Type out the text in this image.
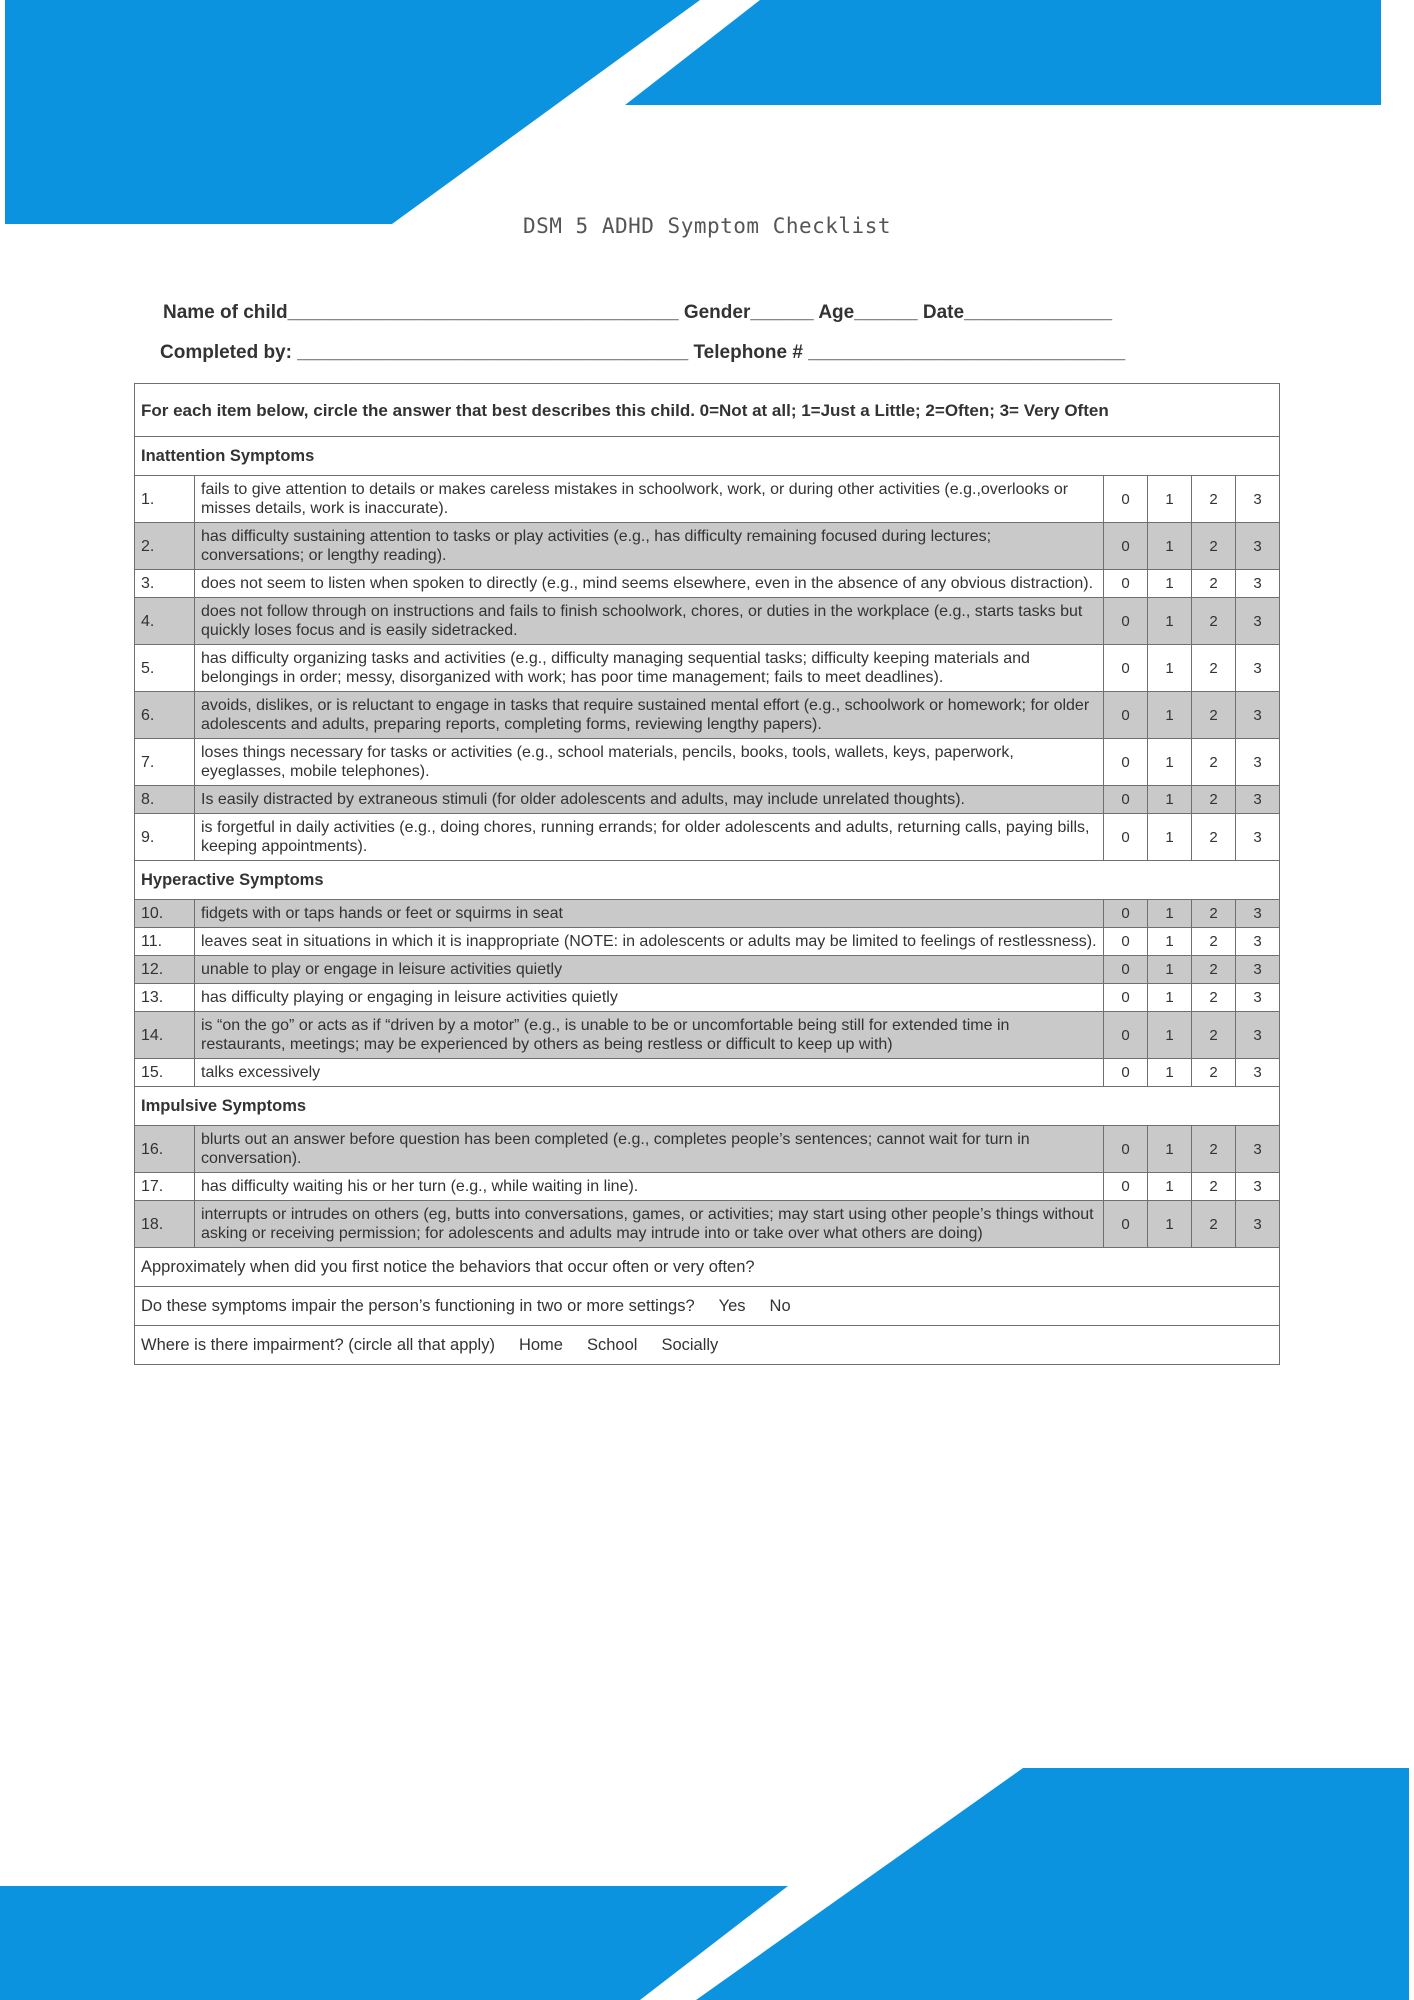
DSM 5 ADHD Symptom Checklist
Name of child_____________________________________ Gender______ Age______ Date______________
Completed by: _____________________________________ Telephone # ______________________________
For each item below, circle the answer that best describes this child. 0=Not at all; 1=Just a Little; 2=Often; 3= Very Often					
Inattention Symptoms					
1.	fails to give attention to details or makes careless mistakes in schoolwork, work, or during other activities (e.g.,overlooks or misses details, work is inaccurate).	0	1	2	3
2.	has difficulty sustaining attention to tasks or play activities (e.g., has difficulty remaining focused during lectures; conversations; or lengthy reading).	0	1	2	3
3.	does not seem to listen when spoken to directly (e.g., mind seems elsewhere, even in the absence of any obvious distraction).	0	1	2	3
4.	does not follow through on instructions and fails to finish schoolwork, chores, or duties in the workplace (e.g., starts tasks but quickly loses focus and is easily sidetracked.	0	1	2	3
5.	has difficulty organizing tasks and activities (e.g., difficulty managing sequential tasks; difficulty keeping materials and belongings in order; messy, disorganized with work; has poor time management; fails to meet deadlines).	0	1	2	3
6.	avoids, dislikes, or is reluctant to engage in tasks that require sustained mental effort (e.g., schoolwork or homework; for older adolescents and adults, preparing reports, completing forms, reviewing lengthy papers).	0	1	2	3
7.	loses things necessary for tasks or activities (e.g., school materials, pencils, books, tools, wallets, keys, paperwork, eyeglasses, mobile telephones).	0	1	2	3
8.	Is easily distracted by extraneous stimuli (for older adolescents and adults, may include unrelated thoughts).	0	1	2	3
9.	is forgetful in daily activities (e.g., doing chores, running errands; for older adolescents and adults, returning calls, paying bills, keeping appointments).	0	1	2	3
Hyperactive Symptoms					
10.	fidgets with or taps hands or feet or squirms in seat	0	1	2	3
11.	leaves seat in situations in which it is inappropriate (NOTE: in adolescents or adults may be limited to feelings of restlessness).	0	1	2	3
12.	unable to play or engage in leisure activities quietly	0	1	2	3
13.	has difficulty playing or engaging in leisure activities quietly	0	1	2	3
14.	is “on the go” or acts as if “driven by a motor” (e.g., is unable to be or uncomfortable being still for extended time in restaurants, meetings; may be experienced by others as being restless or difficult to keep up with)	0	1	2	3
15.	talks excessively	0	1	2	3
Impulsive Symptoms					
16.	blurts out an answer before question has been completed (e.g., completes people’s sentences; cannot wait for turn in conversation).	0	1	2	3
17.	has difficulty waiting his or her turn (e.g., while waiting in line).	0	1	2	3
18.	interrupts or intrudes on others (eg, butts into conversations, games, or activities; may start using other people’s things without asking or receiving permission; for adolescents and adults may intrude into or take over what others are doing)	0	1	2	3
Approximately when did you first notice the behaviors that occur often or very often?					
Do these symptoms impair the person’s functioning in two or more settings? Yes No					
Where is there impairment? (circle all that apply) Home School Socially					
